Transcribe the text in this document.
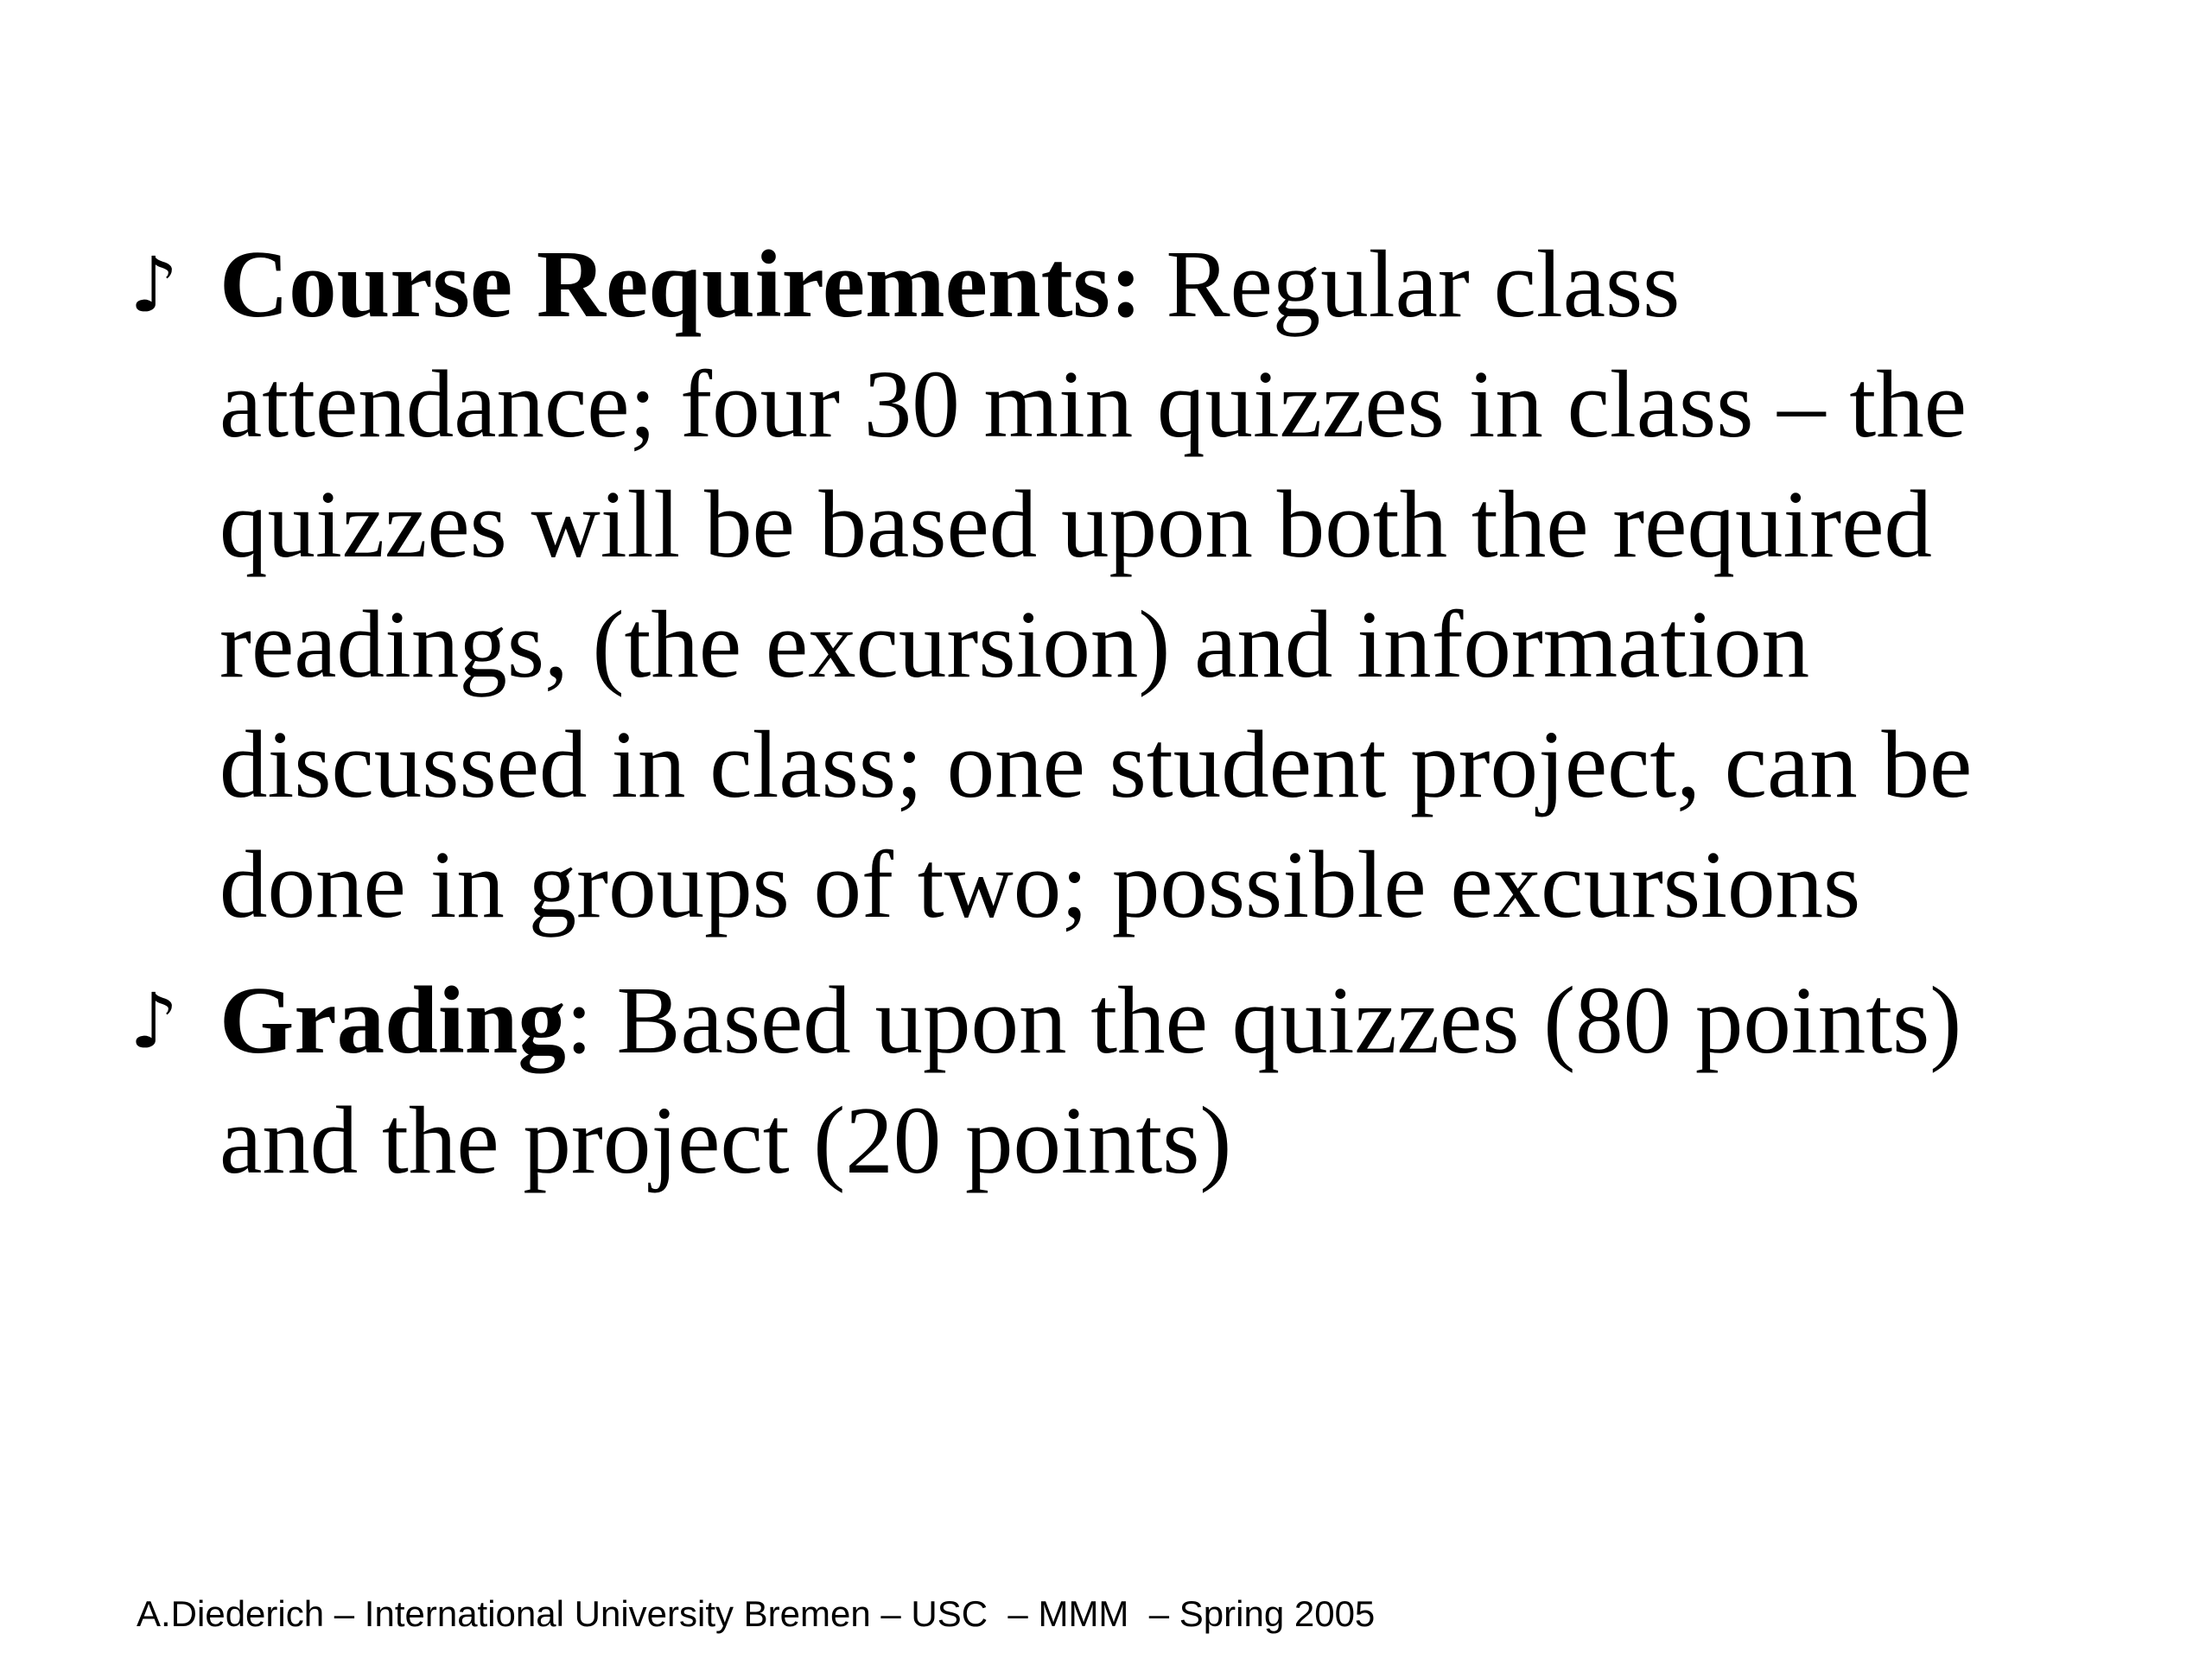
♪ Course Requirements: Regular class attendance; four 30 min quizzes in class – the quizzes will be based upon both the required readings, (the excursion) and information discussed in class; one student project, can be done in groups of two; possible excursions
♪ Grading: Based upon the quizzes (80 points) and the project (20 points)
A.Diederich – International University Bremen – USC  – MMM  – Spring 2005
